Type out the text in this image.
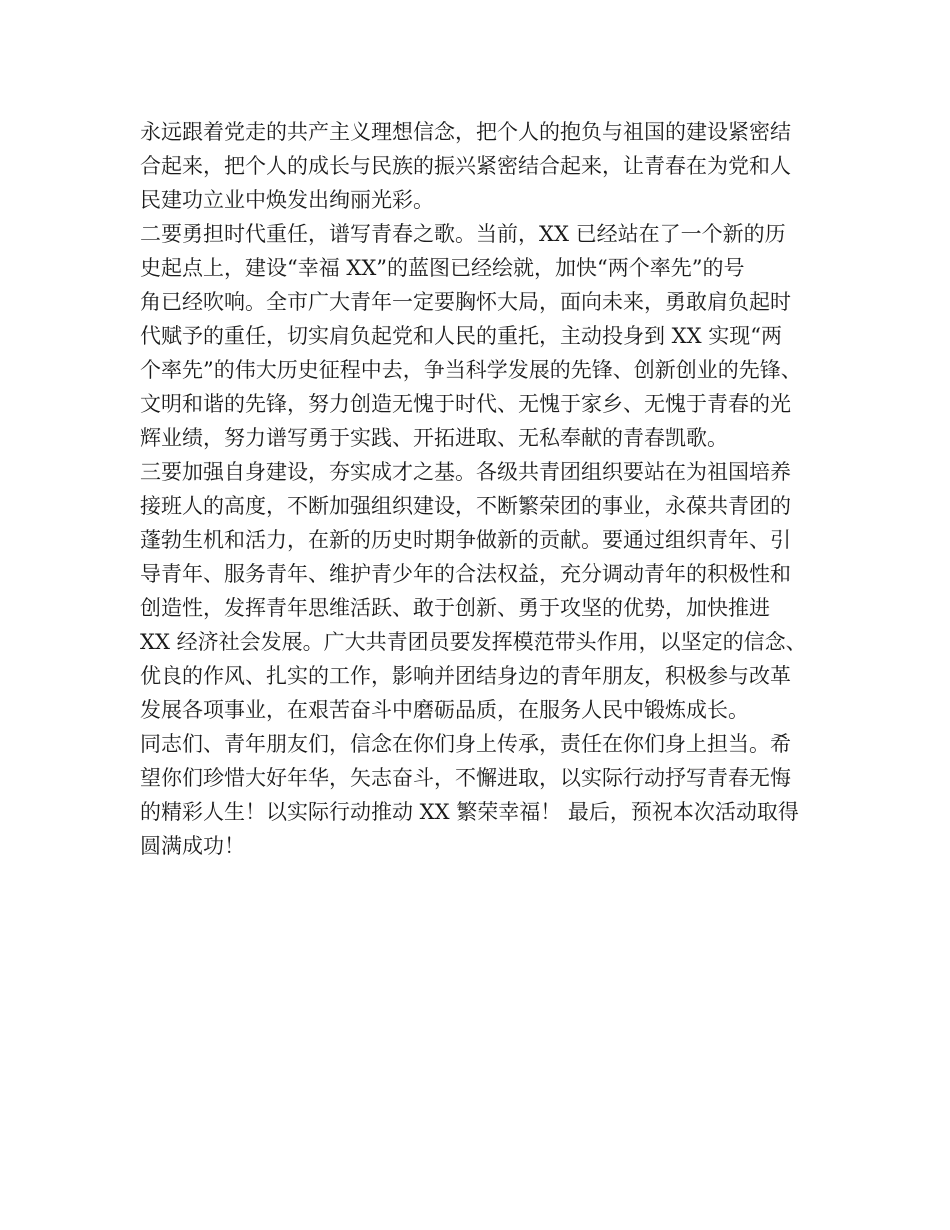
永远跟着党走的共产主义理想信念，把个人的抱负与祖国的建设紧密结
合起来，把个人的成长与民族的振兴紧密结合起来，让青春在为党和人
民建功立业中焕发出绚丽光彩。
二要勇担时代重任，谱写青春之歌。当前，XX 已经站在了一个新的历
史起点上，建设“幸福 XX”的蓝图已经绘就，加快“两个率先”的号
角已经吹响。全市广大青年一定要胸怀大局，面向未来，勇敢肩负起时
代赋予的重任，切实肩负起党和人民的重托，主动投身到 XX 实现“两
个率先”的伟大历史征程中去，争当科学发展的先锋、创新创业的先锋、
文明和谐的先锋，努力创造无愧于时代、无愧于家乡、无愧于青春的光
辉业绩，努力谱写勇于实践、开拓进取、无私奉献的青春凯歌。
三要加强自身建设，夯实成才之基。各级共青团组织要站在为祖国培养
接班人的高度，不断加强组织建设，不断繁荣团的事业，永葆共青团的
蓬勃生机和活力，在新的历史时期争做新的贡献。要通过组织青年、引
导青年、服务青年、维护青少年的合法权益，充分调动青年的积极性和
创造性，发挥青年思维活跃、敢于创新、勇于攻坚的优势，加快推进
XX 经济社会发展。广大共青团员要发挥模范带头作用，以坚定的信念、
优良的作风、扎实的工作，影响并团结身边的青年朋友，积极参与改革
发展各项事业，在艰苦奋斗中磨砺品质，在服务人民中锻炼成长。
同志们、青年朋友们，信念在你们身上传承，责任在你们身上担当。希
望你们珍惜大好年华，矢志奋斗，不懈进取，以实际行动抒写青春无悔
的精彩人生！以实际行动推动 XX 繁荣幸福！ 最后，预祝本次活动取得
圆满成功！
